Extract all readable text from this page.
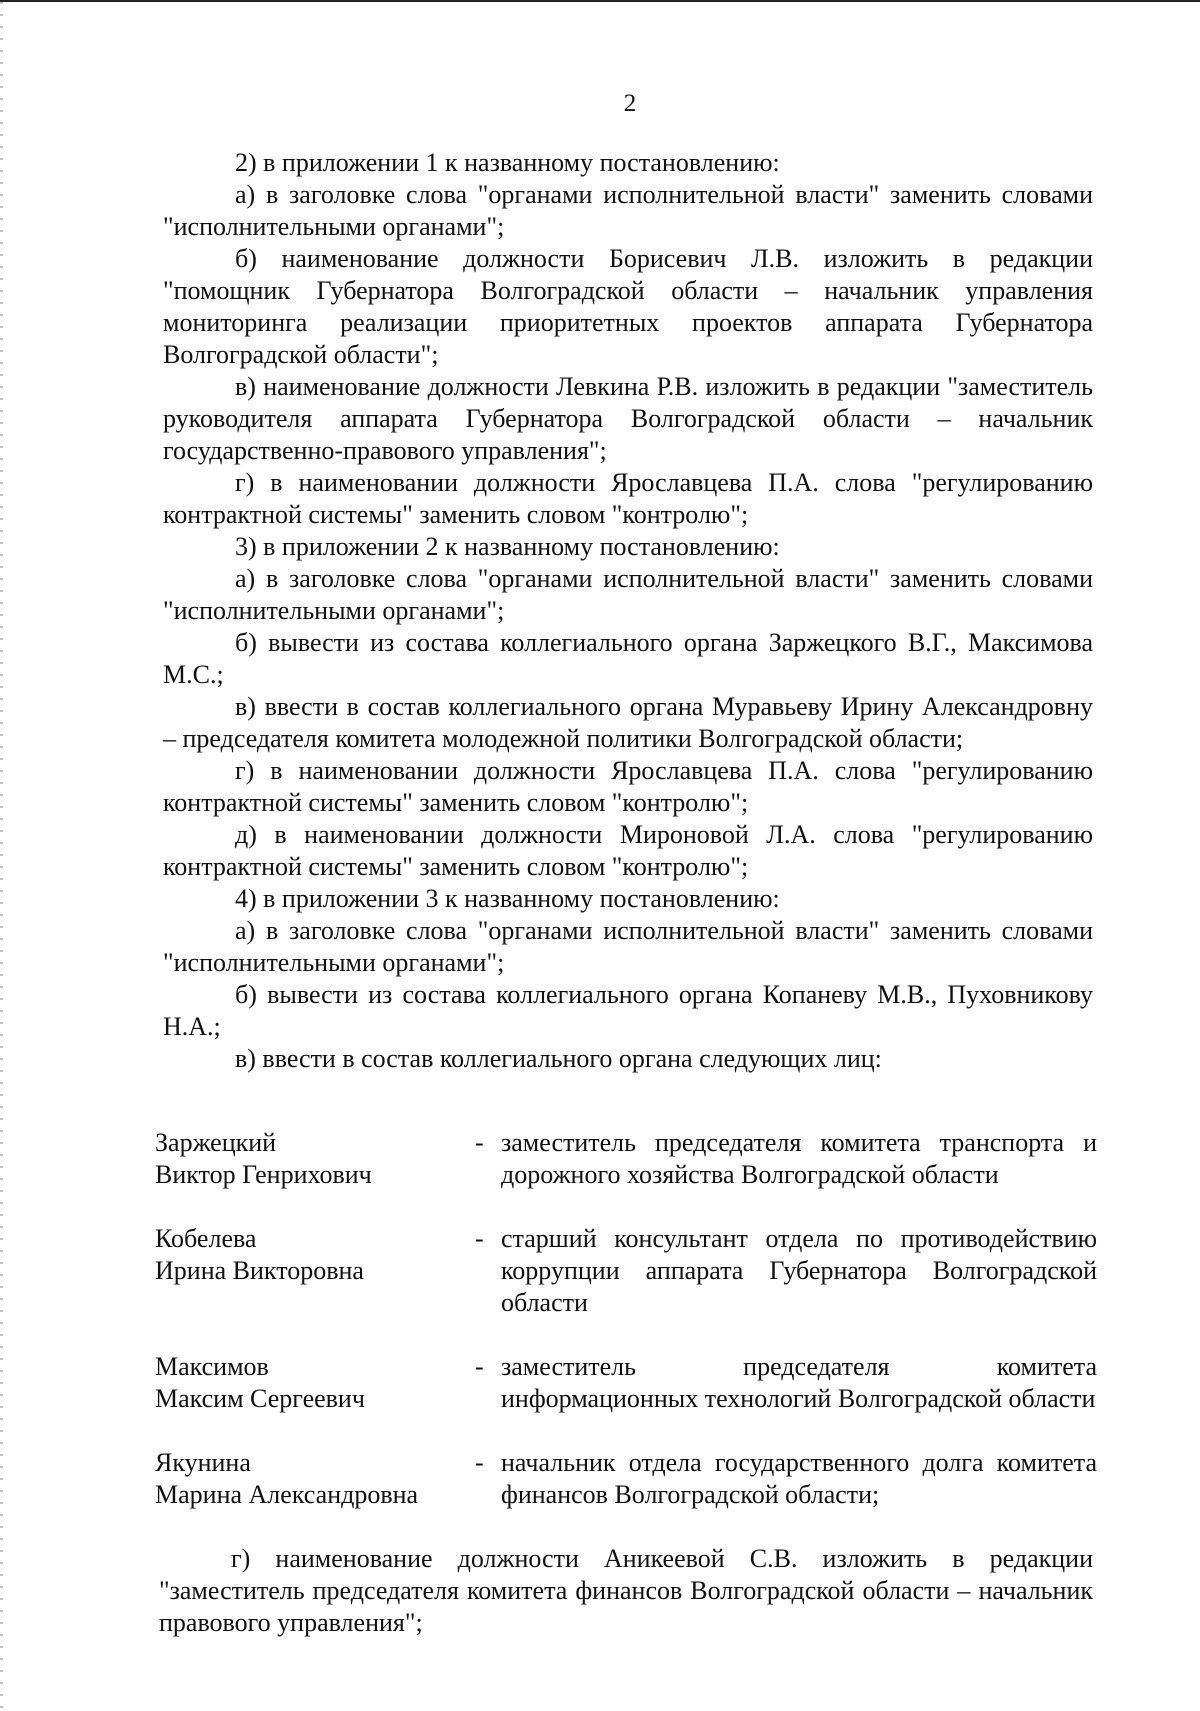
2

2) в приложении 1 к названному постановлению:

а) в заголовке слова "органами исполнительной власти" заменить словами "исполнительными органами";

б) наименование должности Борисевич Л.В. изложить в редакции "помощник Губернатора Волгоградской области – начальник управления мониторинга реализации приоритетных проектов аппарата Губернатора Волгоградской области";

в) наименование должности Левкина Р.В. изложить в редакции "заместитель руководителя аппарата Губернатора Волгоградской области – начальник государственно-правового управления";

г) в наименовании должности Ярославцева П.А. слова "регулированию контрактной системы" заменить словом "контролю";

3) в приложении 2 к названному постановлению:

а) в заголовке слова "органами исполнительной власти" заменить словами "исполнительными органами";

б) вывести из состава коллегиального органа Заржецкого В.Г., Максимова М.С.;

в) ввести в состав коллегиального органа Муравьеву Ирину Александровну – председателя комитета молодежной политики Волгоградской области;

г) в наименовании должности Ярославцева П.А. слова "регулированию контрактной системы" заменить словом "контролю";

д) в наименовании должности Мироновой Л.А. слова "регулированию контрактной системы" заменить словом "контролю";

4) в приложении 3 к названному постановлению:

а) в заголовке слова "органами исполнительной власти" заменить словами "исполнительными органами";

б) вывести из состава коллегиального органа Копаневу М.В., Пуховникову Н.А.;

в) ввести в состав коллегиального органа следующих лиц:

Заржецкий
Виктор Генрихович
- заместитель председателя комитета транспорта и дорожного хозяйства Волгоградской области
Кобелева
Ирина Викторовна
- старший консультант отдела по противодействию коррупции аппарата Губернатора Волгоградской области
Максимов
Максим Сергеевич
- заместитель председателя комитета информационных технологий Волгоградской области
Якунина
Марина Александровна
- начальник отдела государственного долга комитета финансов Волгоградской области;

г) наименование должности Аникеевой С.В. изложить в редакции "заместитель председателя комитета финансов Волгоградской области – начальник правового управления";
